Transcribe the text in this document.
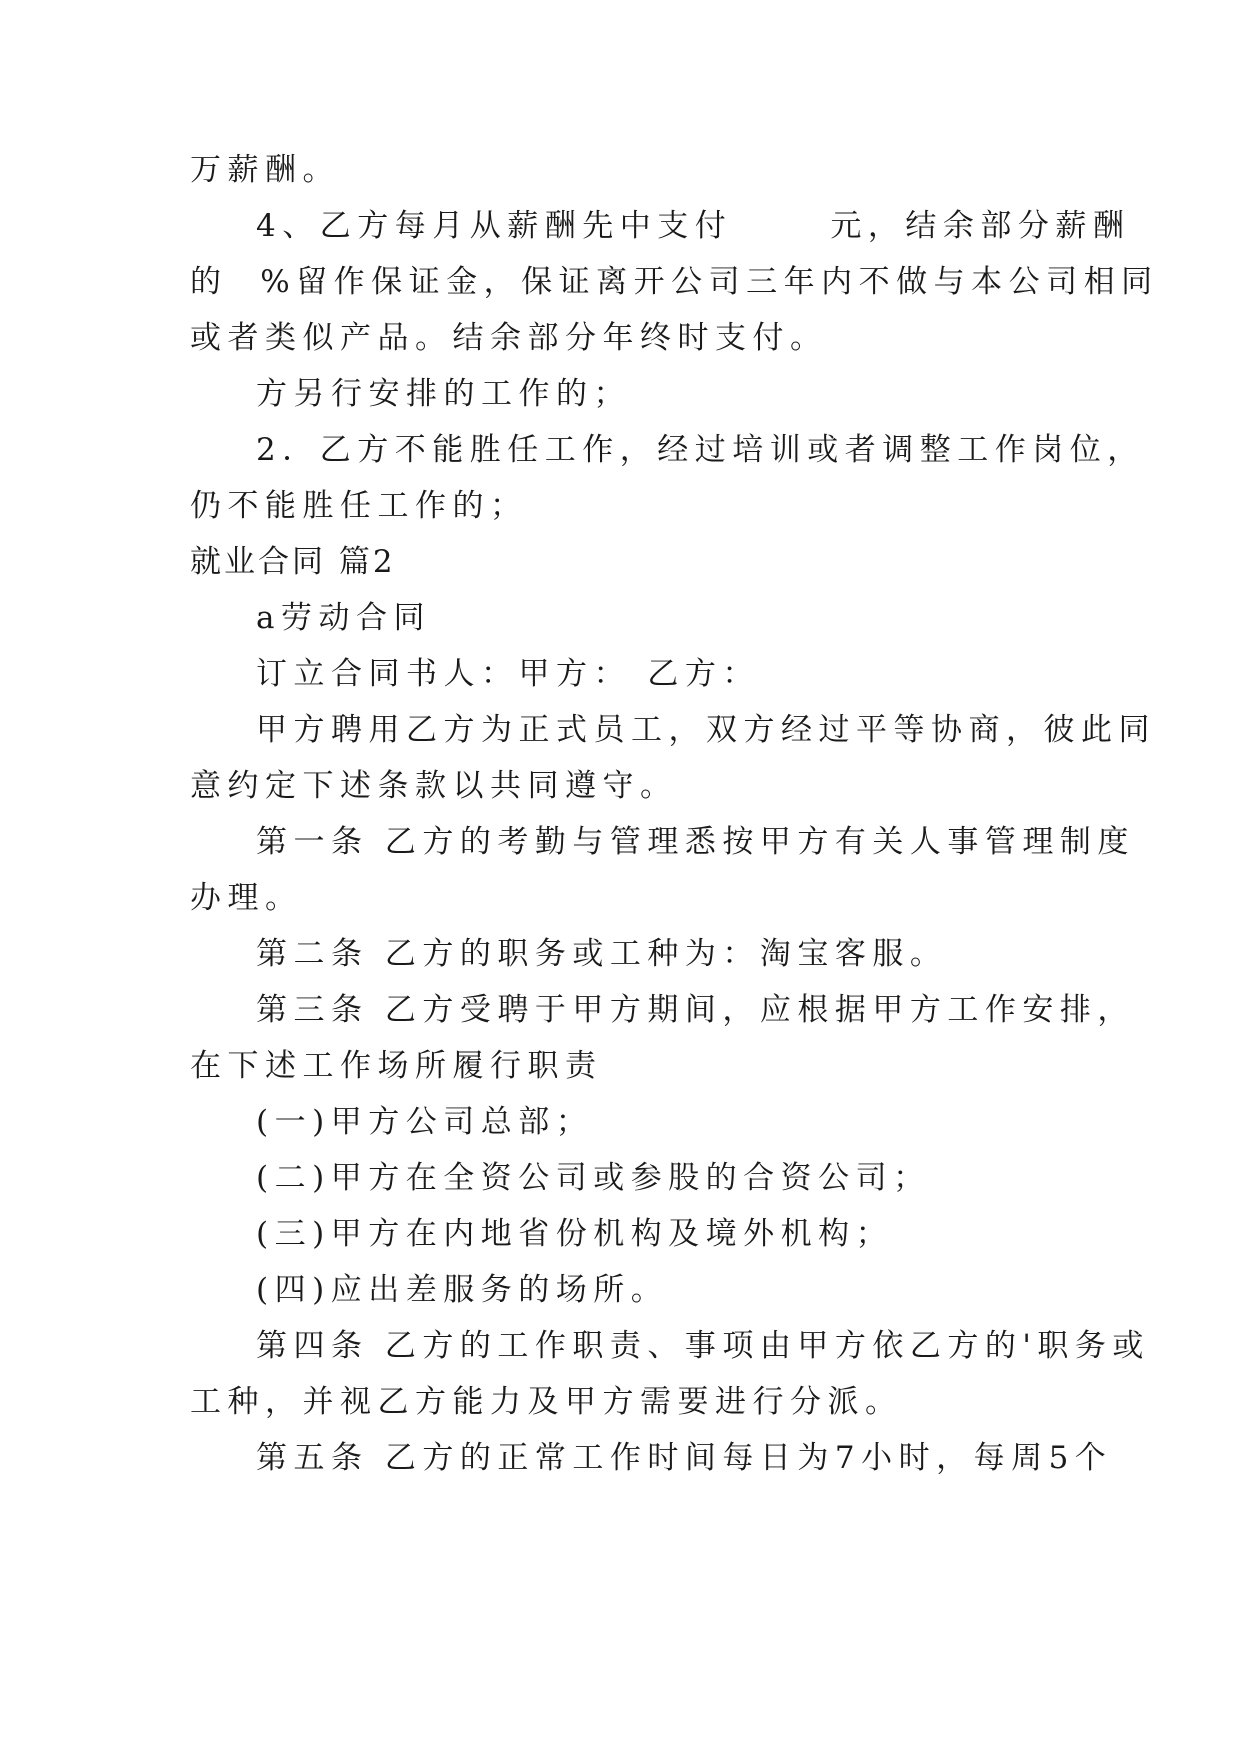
万薪酬。
4、乙方每月从薪酬先中支付      元，结余部分薪酬
的  %留作保证金，保证离开公司三年内不做与本公司相同
或者类似产品。结余部分年终时支付。
方另行安排的工作的；
2．乙方不能胜任工作，经过培训或者调整工作岗位，
仍不能胜任工作的；
就业合同 篇2
a劳动合同
订立合同书人：甲方： 乙方：
甲方聘用乙方为正式员工，双方经过平等协商，彼此同
意约定下述条款以共同遵守。
第一条 乙方的考勤与管理悉按甲方有关人事管理制度
办理。
第二条 乙方的职务或工种为：淘宝客服。
第三条 乙方受聘于甲方期间，应根据甲方工作安排，
在下述工作场所履行职责
(一)甲方公司总部；
(二)甲方在全资公司或参股的合资公司；
(三)甲方在内地省份机构及境外机构；
(四)应出差服务的场所。
第四条 乙方的工作职责、事项由甲方依乙方的'职务或
工种，并视乙方能力及甲方需要进行分派。
第五条 乙方的正常工作时间每日为7小时，每周5个
